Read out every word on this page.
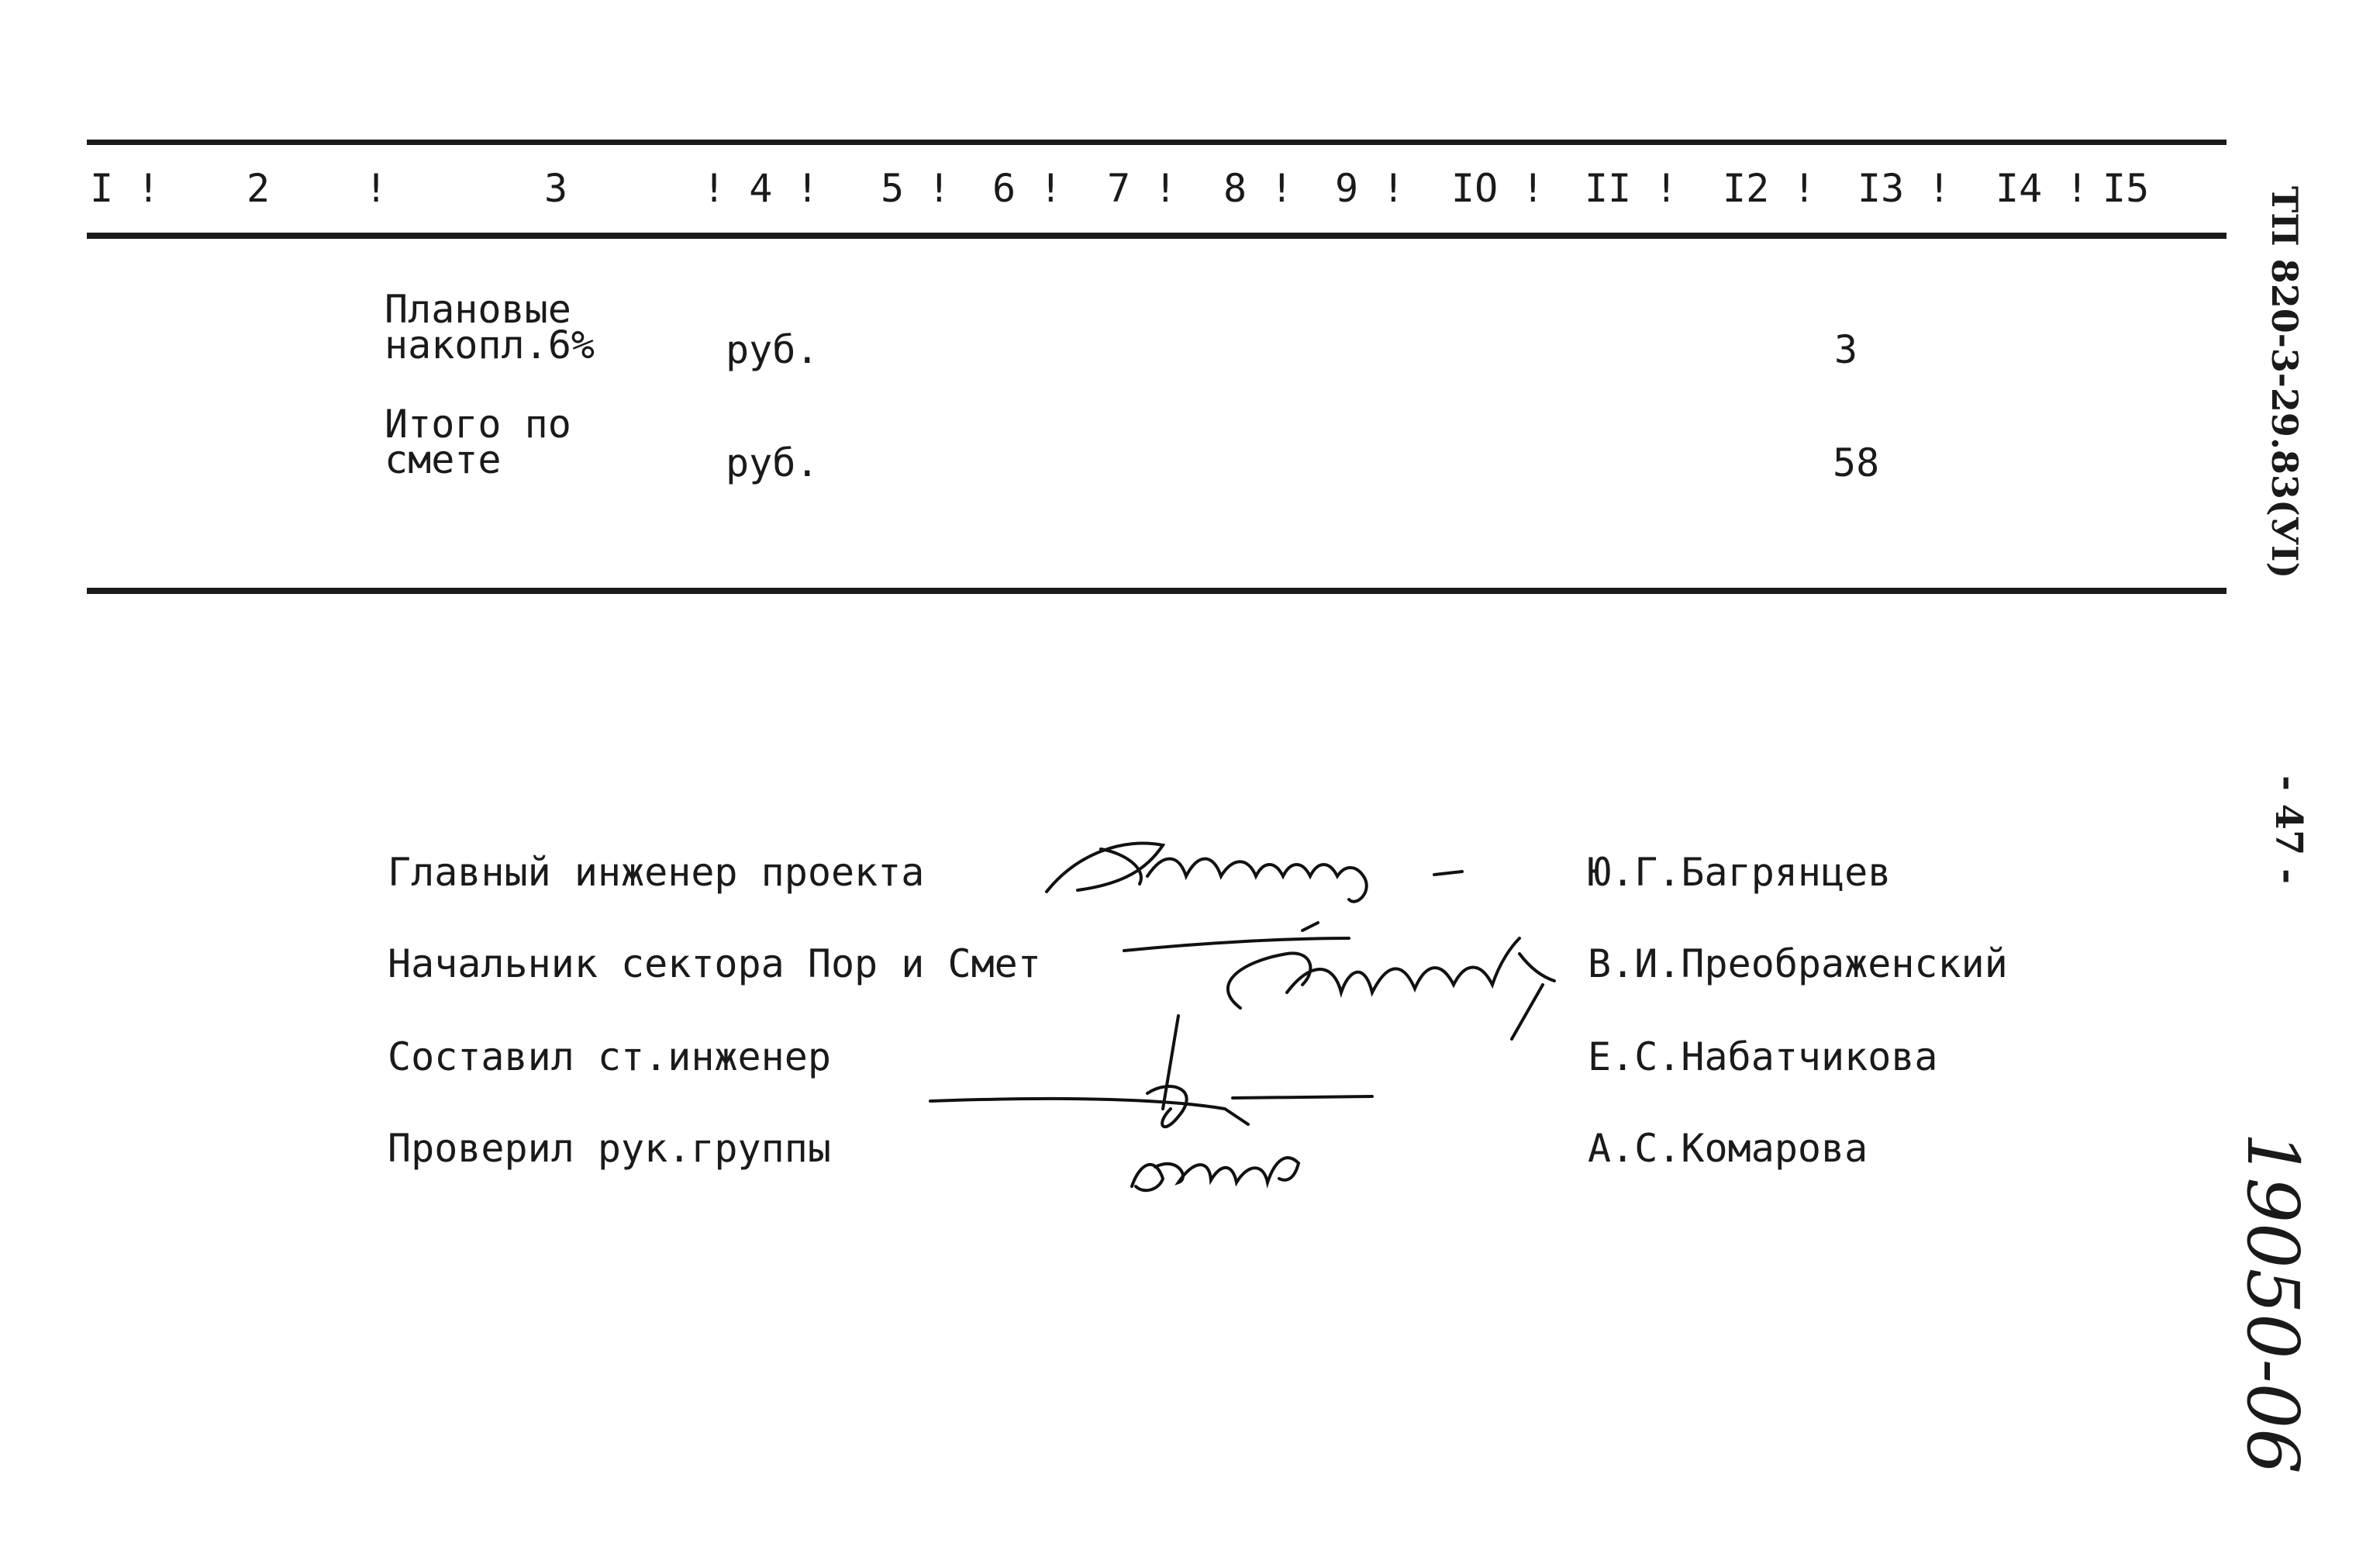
I ! 2 !	3	! 4 ! 5 ! 6 ! 7 ! 8 ! 9 ! IO ! II ! I2 ! I3 ! I4 ! I5
Плановые
накопл.6%	руб.	3
Итого по
смете	руб.	58
Главный инженер проекта	Ю.Г.Багрянцев
Начальник сектора Пор и Смет	В.И.Преображенский
Составил ст.инженер	Е.С.Набатчикова
Проверил рук.группы	А.С.Комарова
ТП 820-3-29.83(УI)
- 47 -
19050-06
